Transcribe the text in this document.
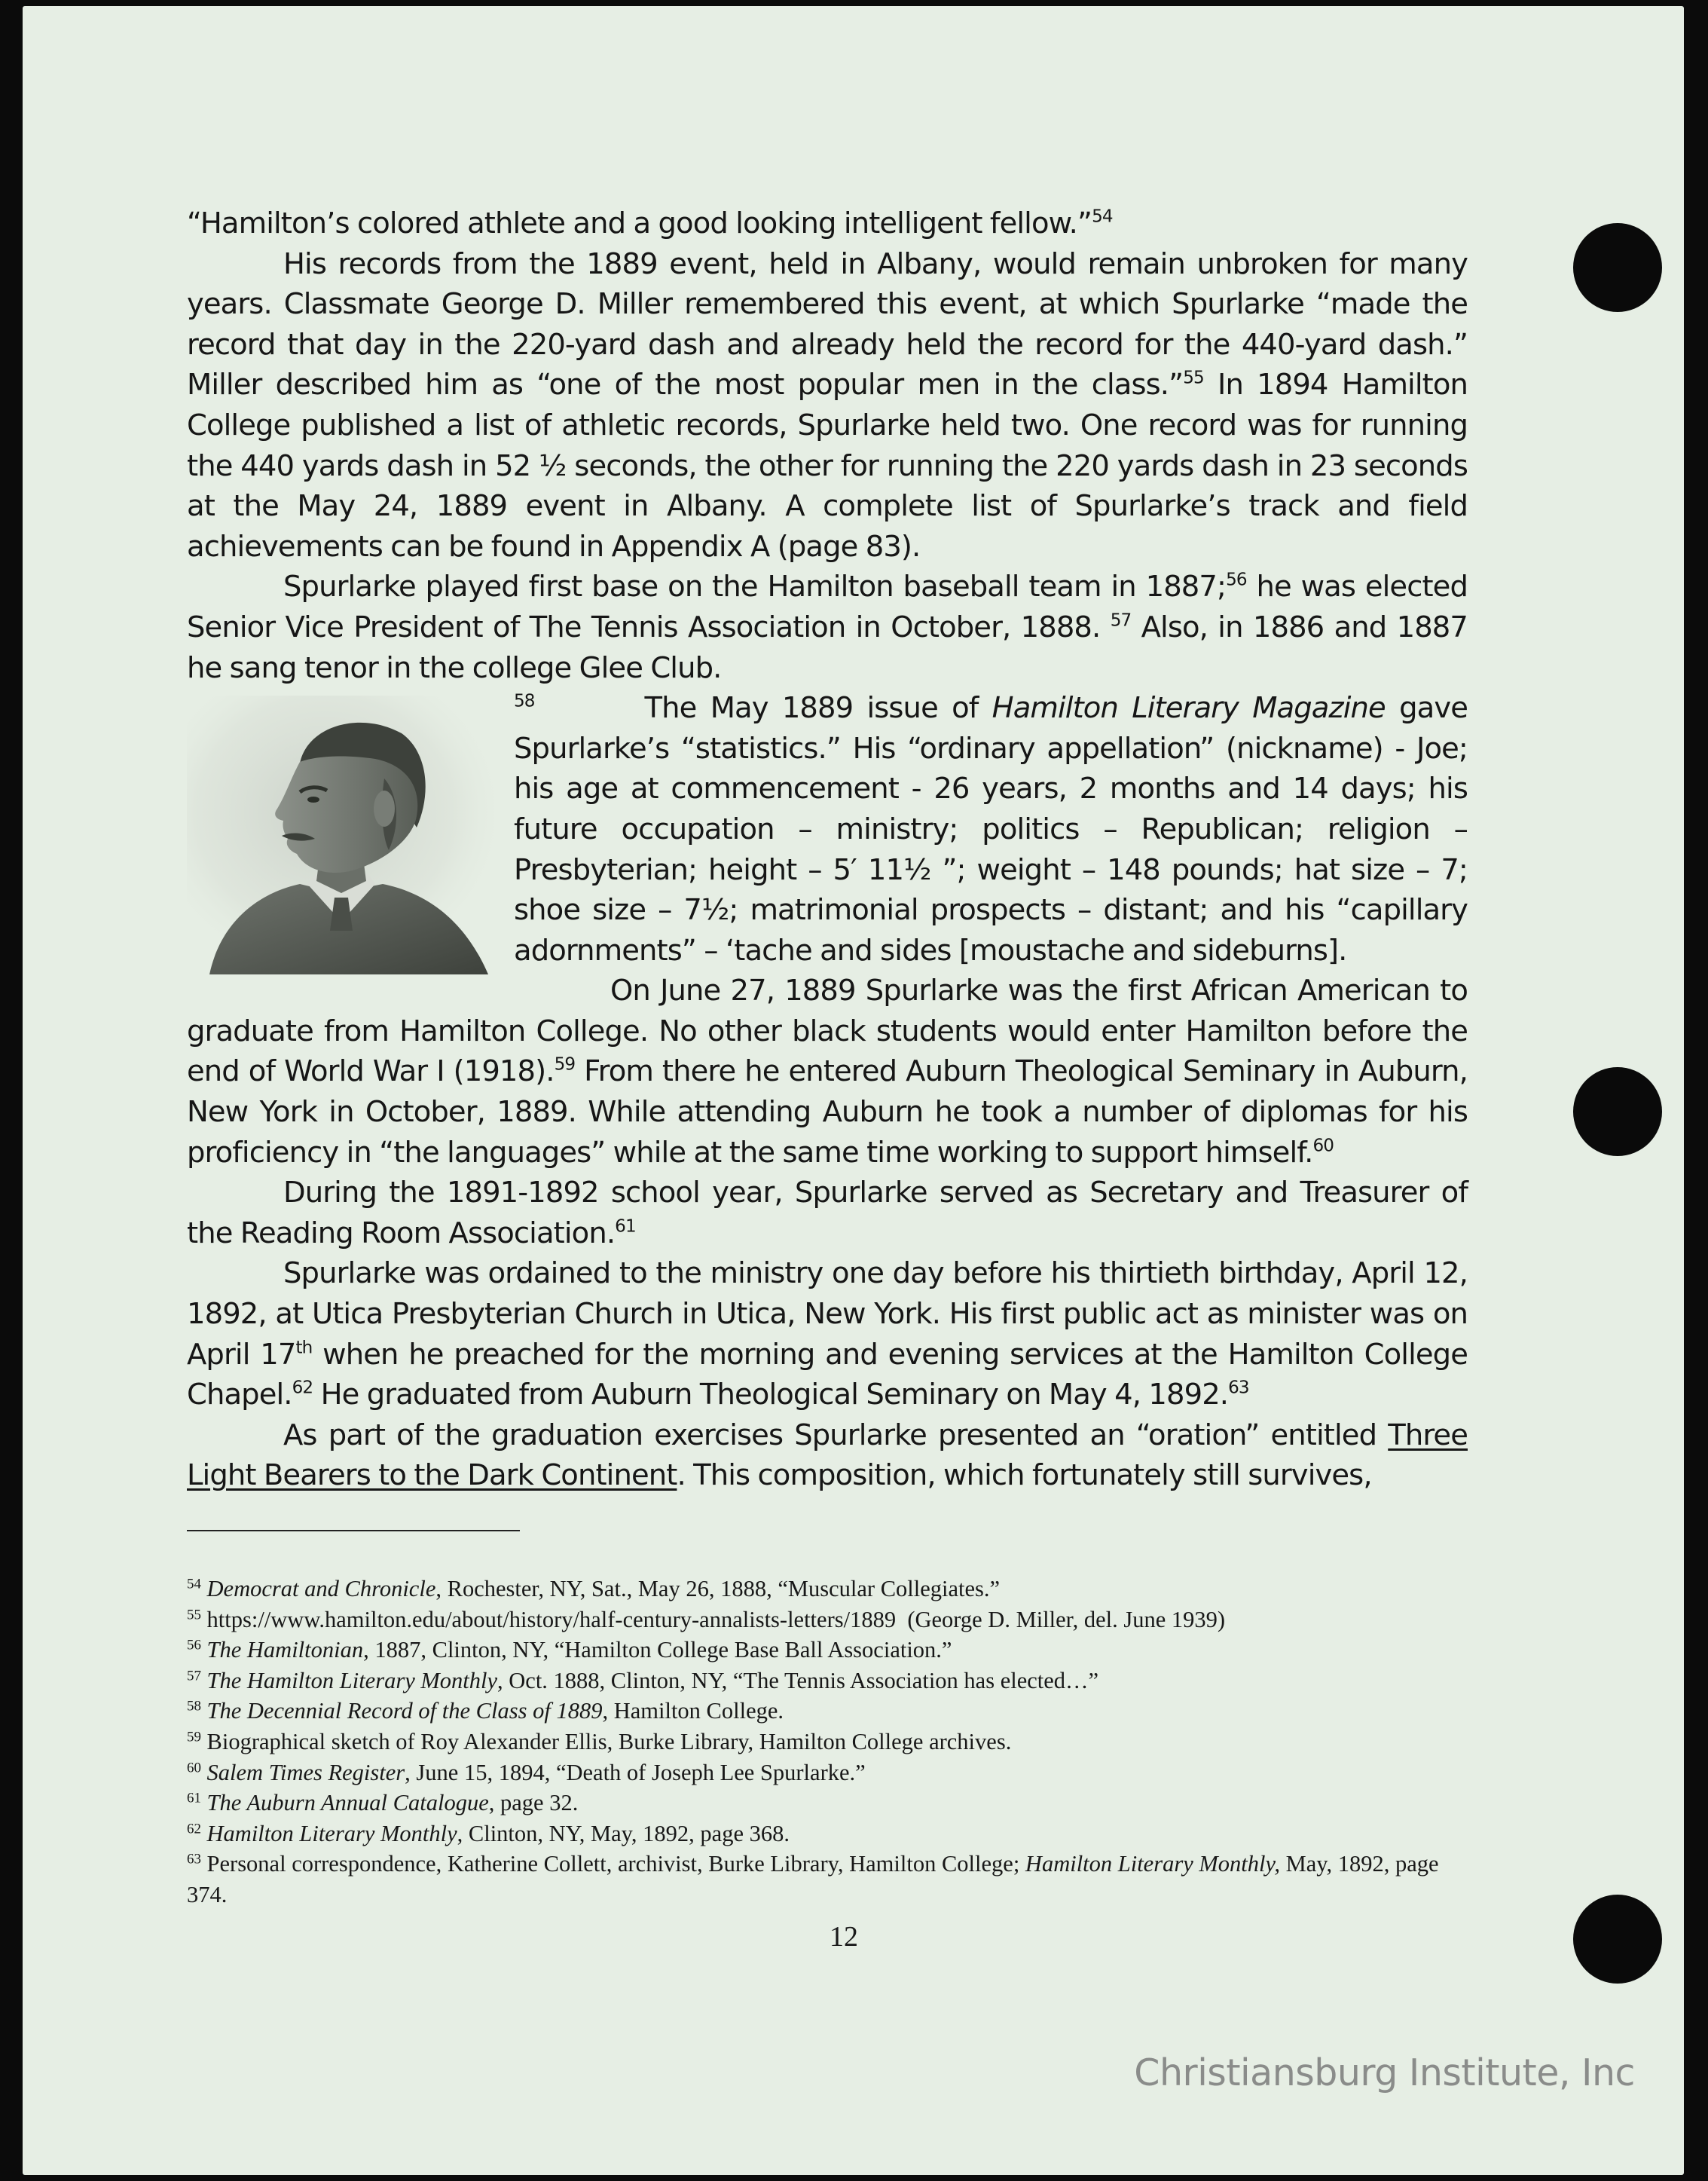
“Hamilton’s colored athlete and a good looking intelligent fellow.”$^{54}$

His records from the 1889 event, held in Albany, would remain unbroken for many years. Classmate George D. Miller remembered this event, at which Spurlarke “made the record that day in the 220-yard dash and already held the record for the 440-yard dash.” Miller described him as “one of the most popular men in the class.”$^{55}$ In 1894 Hamilton College published a list of athletic records, Spurlarke held two. One record was for running the 440 yards dash in 52 ½ seconds, the other for running the 220 yards dash in 23 seconds at the May 24, 1889 event in Albany. A complete list of Spurlarke’s track and field achievements can be found in Appendix A (page 83).

Spurlarke played first base on the Hamilton baseball team in 1887;$^{56}$ he was elected Senior Vice President of The Tennis Association in October, 1888. $^{57}$ Also, in 1886 and 1887 he sang tenor in the college Glee Club.

$^{58}$        The May 1889 issue of Hamilton Literary Magazine gave Spurlarke’s “statistics.” His “ordinary appellation” (nickname) - Joe; his age at commencement - 26 years, 2 months and 14 days; his future occupation – ministry; politics – Republican; religion – Presbyterian; height – 5′ 11½ ”; weight – 148 pounds; hat size – 7; shoe size – 7½; matrimonial prospects – distant; and his “capillary adornments” – ‘tache and sides [moustache and sideburns].

On June 27, 1889 Spurlarke was the first African American to graduate from Hamilton College. No other black students would enter Hamilton before the end of World War I (1918).$^{59}$ From there he entered Auburn Theological Seminary in Auburn, New York in October, 1889. While attending Auburn he took a number of diplomas for his proficiency in “the languages” while at the same time working to support himself.$^{60}$

During the 1891-1892 school year, Spurlarke served as Secretary and Treasurer of the Reading Room Association.$^{61}$

Spurlarke was ordained to the ministry one day before his thirtieth birthday, April 12, 1892, at Utica Presbyterian Church in Utica, New York. His first public act as minister was on April 17th when he preached for the morning and evening services at the Hamilton College Chapel.$^{62}$ He graduated from Auburn Theological Seminary on May 4, 1892.63

As part of the graduation exercises Spurlarke presented an “oration” entitled Three Light Bearers to the Dark Continent. This composition, which fortunately still survives,

$^{54}$ Democrat and Chronicle, Rochester, NY, Sat., May 26, 1888, “Muscular Collegiates.”
$^{55}$ https://www.hamilton.edu/about/history/half-century-annalists-letters/1889  (George D. Miller, del. June 1939)
$^{56}$ The Hamiltonian, 1887, Clinton, NY, “Hamilton College Base Ball Association.”
$^{57}$ The Hamilton Literary Monthly, Oct. 1888, Clinton, NY, “The Tennis Association has elected…”
$^{58}$ The Decennial Record of the Class of 1889, Hamilton College.
$^{59}$ Biographical sketch of Roy Alexander Ellis, Burke Library, Hamilton College archives.
$^{60}$ Salem Times Register, June 15, 1894, “Death of Joseph Lee Spurlarke.”
$^{61}$ The Auburn Annual Catalogue, page 32.
$^{62}$ Hamilton Literary Monthly, Clinton, NY, May, 1892, page 368.
$^{63}$ Personal correspondence, Katherine Collett, archivist, Burke Library, Hamilton College; Hamilton Literary Monthly, May, 1892, page 374.
12
Christiansburg Institute, Inc
